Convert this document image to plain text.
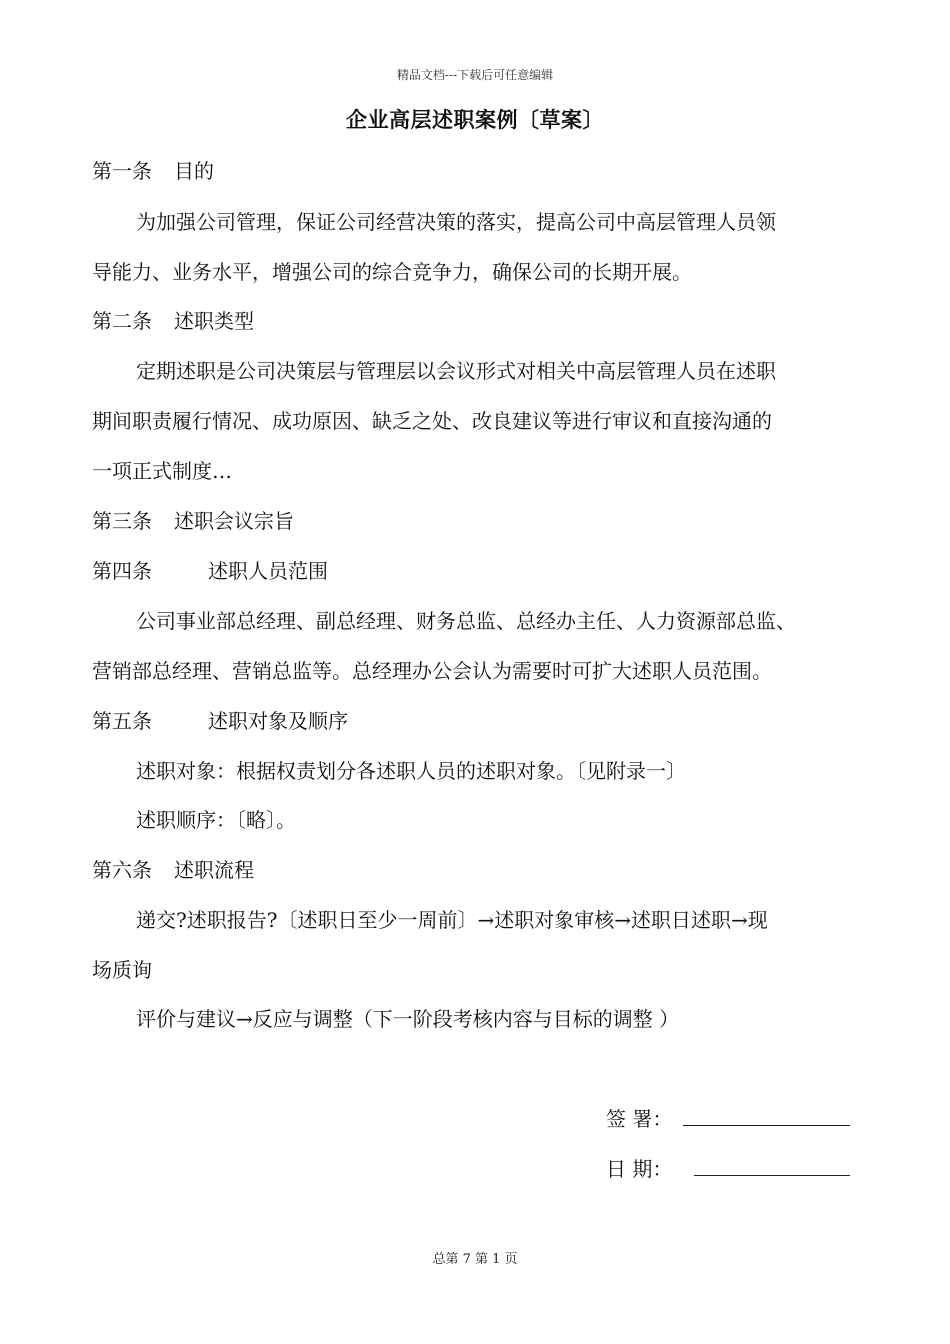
精品文档---下载后可任意编辑
企业高层述职案例〔草案〕
第一条 目的
为加强公司管理，保证公司经营决策的落实，提高公司中高层管理人员领
导能力、业务水平，增强公司的综合竞争力，确保公司的长期开展。
第二条 述职类型
定期述职是公司决策层与管理层以会议形式对相关中高层管理人员在述职
期间职责履行情况、成功原因、缺乏之处、改良建议等进行审议和直接沟通的
一项正式制度…
第三条 述职会议宗旨
第四条	述职人员范围
公司事业部总经理、副总经理、财务总监、总经办主任、人力资源部总监、
营销部总经理、营销总监等。总经理办公会认为需要时可扩大述职人员范围。
第五条	述职对象及顺序
述职对象：根据权责划分各述职人员的述职对象。〔见附录一〕
述职顺序：〔略〕。
第六条 述职流程
递交?述职报告?〔述职日至少一周前〕→述职对象审核→述职日述职→现
场质询
评价与建议→反应与调整（下一阶段考核内容与目标的调整 ）
签 署：
日 期：
总第 7 第 1 页
